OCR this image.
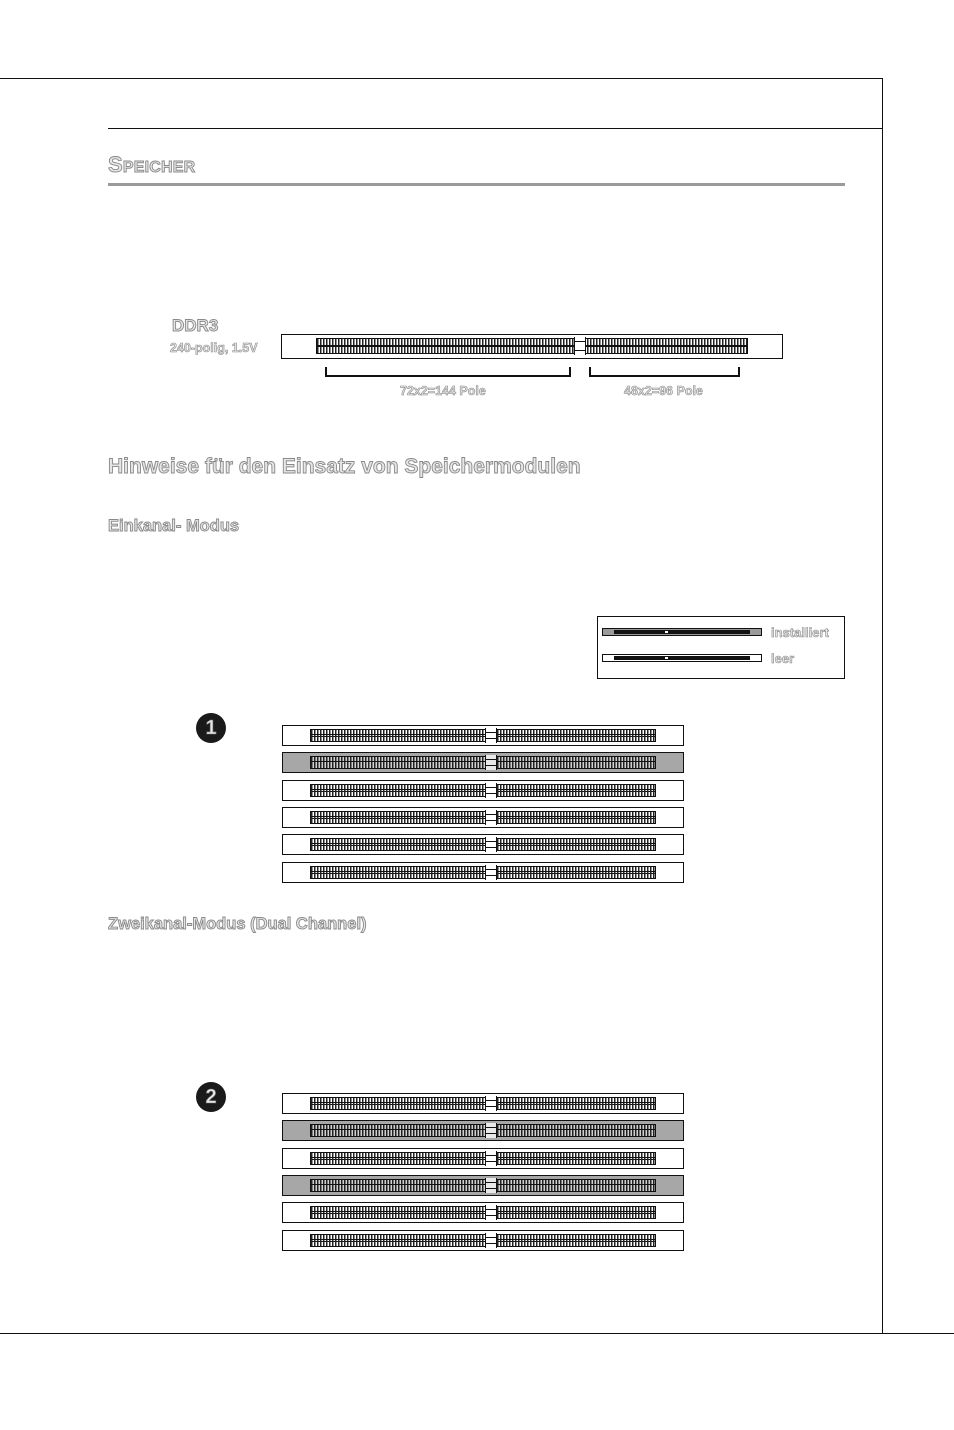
SPEICHER
DDR3
240-polig, 1.5V
72x2=144 Pole	48x2=96 Pole
Hinweise für den Einsatz von Speichermodulen
Einkanal- Modus
installiert
leer
1
Zweikanal-Modus (Dual Channel)
2
